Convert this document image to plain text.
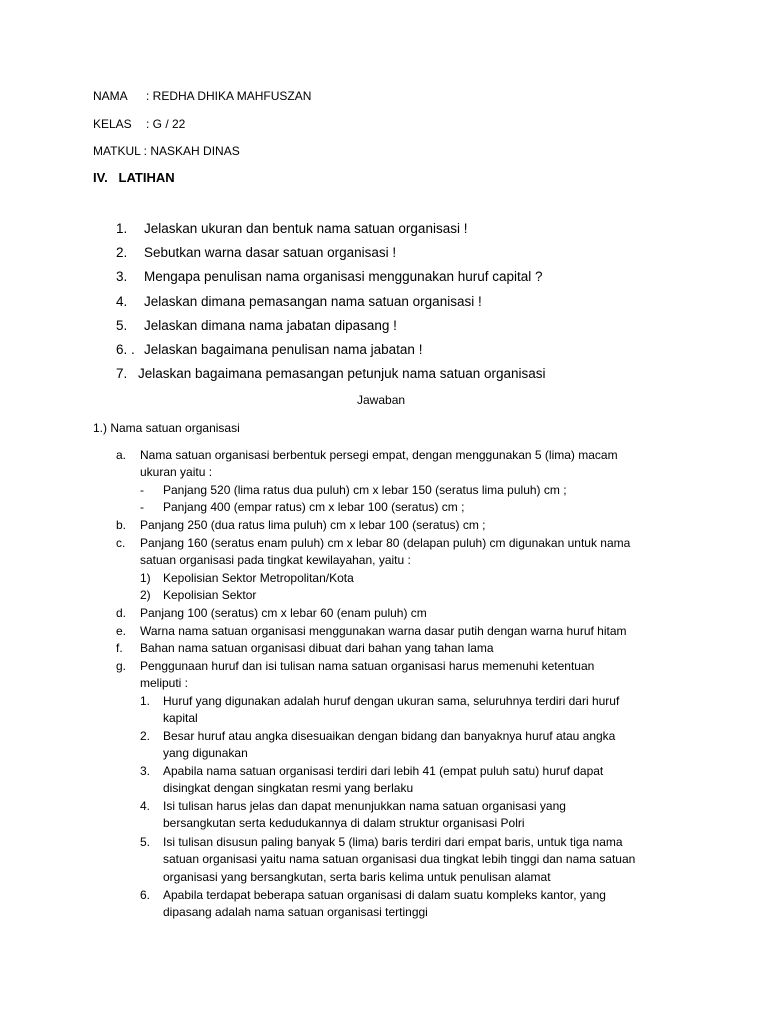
NAMA : REDHA DHIKA MAHFUSZAN
KELAS : G / 22
MATKUL : NASKAH DINAS
IV.   LATIHAN
1. Jelaskan ukuran dan bentuk nama satuan organisasi !
2. Sebutkan warna dasar satuan organisasi !
3. Mengapa penulisan nama organisasi menggunakan huruf capital ?
4. Jelaskan dimana pemasangan nama satuan organisasi !
5. Jelaskan dimana nama jabatan dipasang !
6. . Jelaskan bagaimana penulisan nama jabatan !
7. Jelaskan bagaimana pemasangan petunjuk nama satuan organisasi
Jawaban
1.) Nama satuan organisasi
a. Nama satuan organisasi berbentuk persegi empat, dengan menggunakan 5 (lima) macam
ukuran yaitu :
- Panjang 520 (lima ratus dua puluh) cm x lebar 150 (seratus lima puluh) cm ;
- Panjang 400 (empar ratus) cm x lebar 100 (seratus) cm ;
b. Panjang 250 (dua ratus lima puluh) cm x lebar 100 (seratus) cm ;
c. Panjang 160 (seratus enam puluh) cm x lebar 80 (delapan puluh) cm digunakan untuk nama
satuan organisasi pada tingkat kewilayahan, yaitu :
1) Kepolisian Sektor Metropolitan/Kota
2) Kepolisian Sektor
d. Panjang 100 (seratus) cm x lebar 60 (enam puluh) cm
e. Warna nama satuan organisasi menggunakan warna dasar putih dengan warna huruf hitam
f. Bahan nama satuan organisasi dibuat dari bahan yang tahan lama
g. Penggunaan huruf dan isi tulisan nama satuan organisasi harus memenuhi ketentuan
meliputi :
1. Huruf yang digunakan adalah huruf dengan ukuran sama, seluruhnya terdiri dari huruf
kapital
2. Besar huruf atau angka disesuaikan dengan bidang dan banyaknya huruf atau angka
yang digunakan
3. Apabila nama satuan organisasi terdiri dari lebih 41 (empat puluh satu) huruf dapat
disingkat dengan singkatan resmi yang berlaku
4. Isi tulisan harus jelas dan dapat menunjukkan nama satuan organisasi yang
bersangkutan serta kedudukannya di dalam struktur organisasi Polri
5. Isi tulisan disusun paling banyak 5 (lima) baris terdiri dari empat baris, untuk tiga nama
satuan organisasi yaitu nama satuan organisasi dua tingkat lebih tinggi dan nama satuan
organisasi yang bersangkutan, serta baris kelima untuk penulisan alamat
6. Apabila terdapat beberapa satuan organisasi di dalam suatu kompleks kantor, yang
dipasang adalah nama satuan organisasi tertinggi
